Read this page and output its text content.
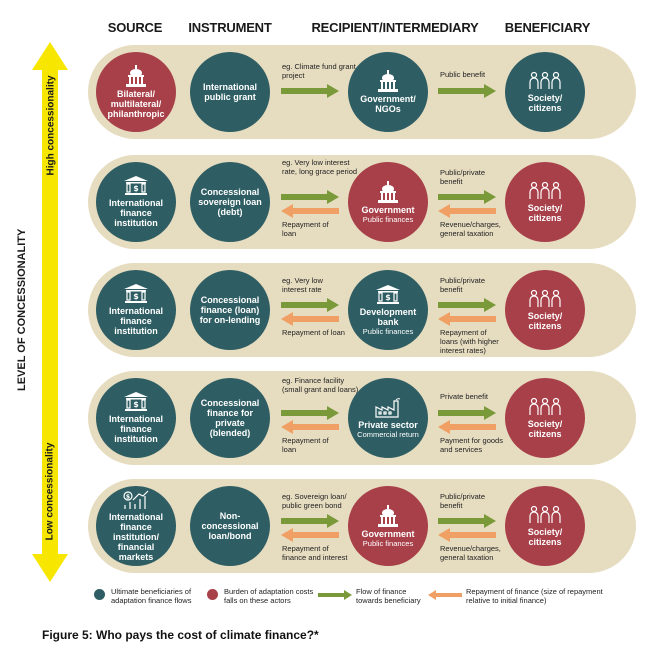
SOURCE	INSTRUMENT	RECIPIENT/INTERMEDIARY	BENEFICIARY
High concessionality
Low concessionality
LEVEL OF CONCESSIONALITY
Bilateral/ multilateral/ philanthropic
International public grant
eg. Climate fund grant project
Government/ NGOs
Public benefit
Society/ citizens
$
International finance institution
Concessional sovereign loan (debt)
eg. Very low interest rate, long grace period
Repayment of loan
Government
Public finances
Public/private benefit
Revenue/charges, general taxation
Society/ citizens
$
International finance institution
Concessional finance (loan) for on-lending
eg. Very low interest rate
Repayment of loan
$
Development bank
Public finances
Public/private benefit
Repayment of loans (with higher interest rates)
Society/ citizens
$
International finance institution
Concessional finance for private (blended)
eg. Finance facility (small grant and loans)
Repayment of loan
Private sector
Commercial return
Private benefit
Payment for goods and services
Society/ citizens
$
International finance institution/ financial markets
Non-concessional loan/bond
eg. Sovereign loan/ public green bond
Repayment of finance and interest
Government
Public finances
Public/private benefit
Revenue/charges, general taxation
Society/ citizens
Ultimate beneficiaries of adaptation finance flows
Burden of adaptation costs falls on these actors
Flow of finance towards beneficiary
Repayment of finance (size of repayment relative to initial finance)
Figure 5: Who pays the cost of climate finance?*
